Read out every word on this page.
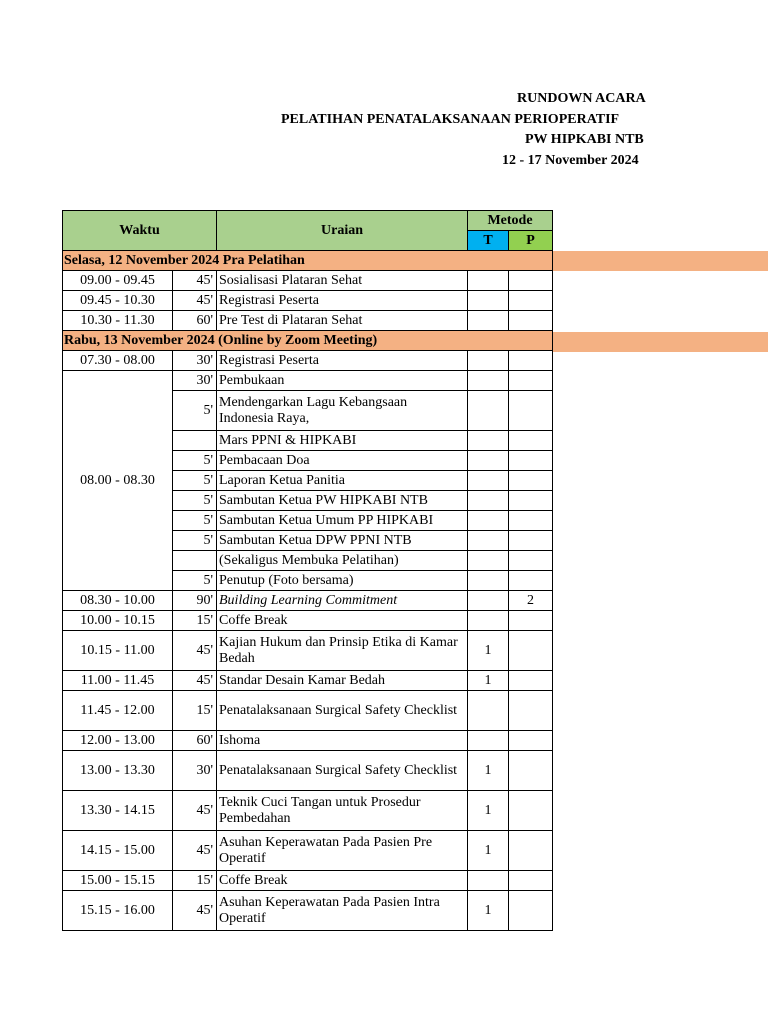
RUNDOWN ACARA
PELATIHAN PENATALAKSANAAN PERIOPERATIF
PW HIPKABI NTB
12 - 17 November 2024
Waktu		Uraian	Metode	
			T	P
Selasa, 12 November 2024 Pra Pelatihan				
09.00 - 09.45	45'	Sosialisasi Plataran Sehat		
09.45 - 10.30	45'	Registrasi Peserta		
10.30 - 11.30	60'	Pre Test di Plataran Sehat		
Rabu, 13 November 2024 (Online by Zoom Meeting)				
07.30 - 08.00	30'	Registrasi Peserta		
08.00 - 08.30	30'	Pembukaan		
	5'	Mendengarkan Lagu Kebangsaan Indonesia Raya,		
		Mars PPNI & HIPKABI		
	5'	Pembacaan Doa		
	5'	Laporan Ketua Panitia		
	5'	Sambutan Ketua PW HIPKABI NTB		
	5'	Sambutan Ketua Umum PP HIPKABI		
	5'	Sambutan Ketua DPW PPNI NTB		
		(Sekaligus Membuka Pelatihan)		
	5'	Penutup (Foto bersama)		
08.30 - 10.00	90'	Building Learning Commitment		2
10.00 - 10.15	15'	Coffe Break		
10.15 - 11.00	45'	Kajian Hukum dan Prinsip Etika di Kamar Bedah	1	
11.00 - 11.45	45'	Standar Desain Kamar Bedah	1	
11.45 - 12.00	15'	Penatalaksanaan Surgical Safety Checklist		
12.00 - 13.00	60'	Ishoma		
13.00 - 13.30	30'	Penatalaksanaan Surgical Safety Checklist	1	
13.30 - 14.15	45'	Teknik Cuci Tangan untuk Prosedur Pembedahan	1	
14.15 - 15.00	45'	Asuhan Keperawatan Pada Pasien Pre Operatif	1	
15.00 - 15.15	15'	Coffe Break		
15.15 - 16.00	45'	Asuhan Keperawatan Pada Pasien Intra Operatif	1	
